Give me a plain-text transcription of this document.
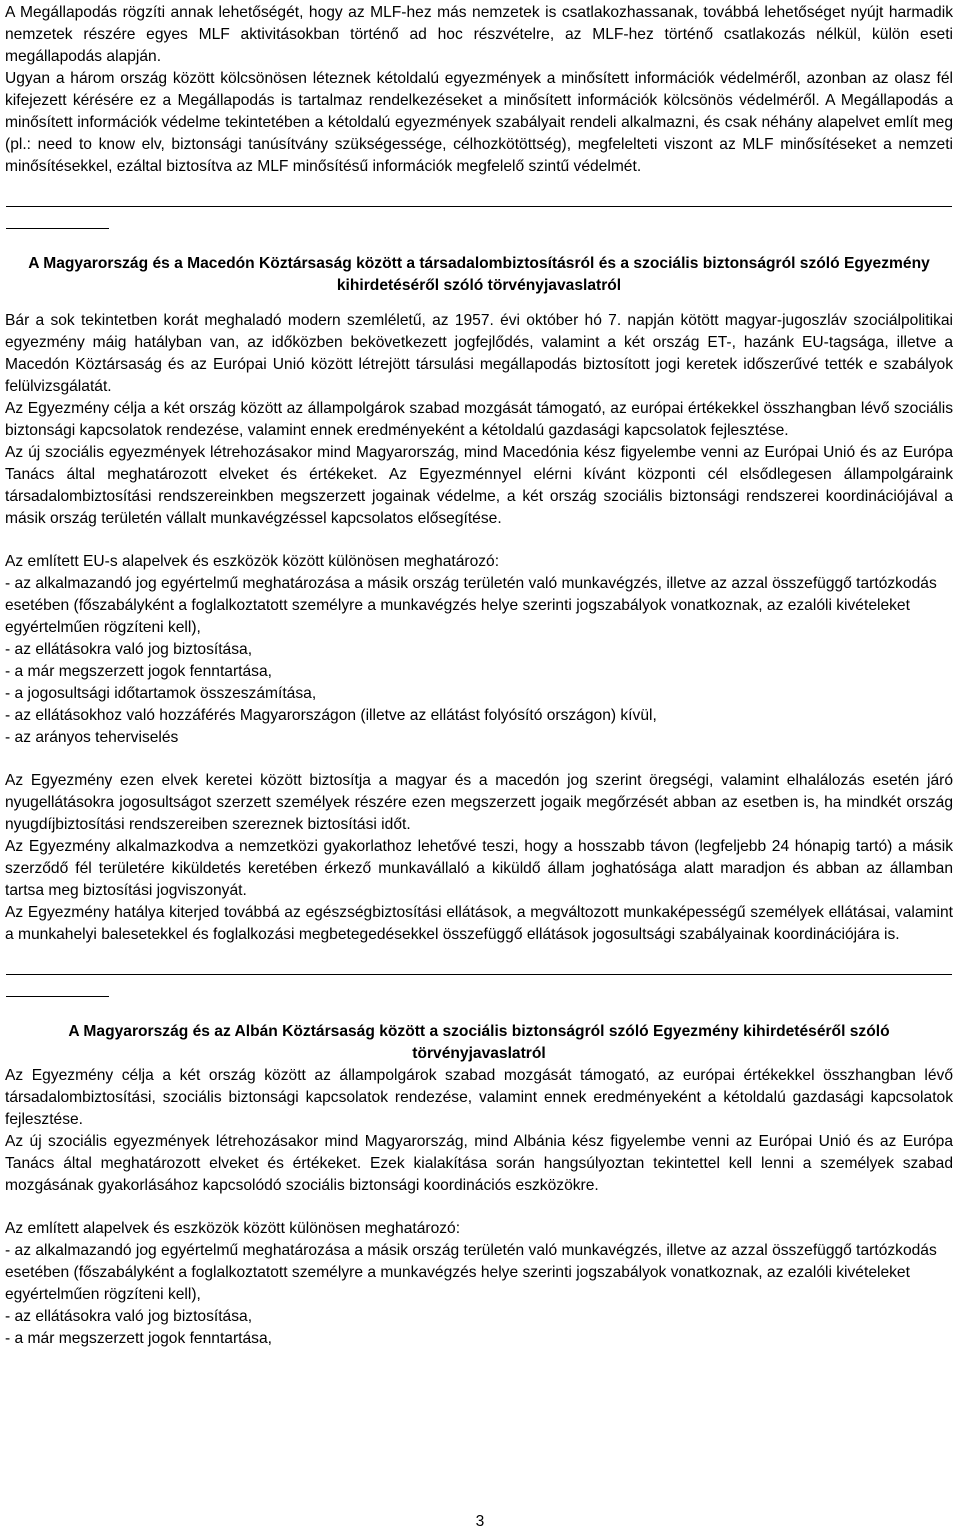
A Megállapodás rögzíti annak lehetőségét, hogy az MLF-hez más nemzetek is csatlakozhassanak, továbbá lehetőséget nyújt harmadik nemzetek részére egyes MLF aktivitásokban történő ad hoc részvételre, az MLF-hez történő csatlakozás nélkül, külön eseti megállapodás alapján.

Ugyan a három ország között kölcsönösen léteznek kétoldalú egyezmények a minősített információk védelméről, azonban az olasz fél kifejezett kérésére ez a Megállapodás is tartalmaz rendelkezéseket a minősített információk kölcsönös védelméről. A Megállapodás a minősített információk védelme tekintetében a kétoldalú egyezmények szabályait rendeli alkalmazni, és csak néhány alapelvet említ meg (pl.: need to know elv, biztonsági tanúsítvány szükségessége, célhozkötöttség), megfelelteti viszont az MLF minősítéseket a nemzeti minősítésekkel, ezáltal biztosítva az MLF minősítésű információk megfelelő szintű védelmét.

A Magyarország és a Macedón Köztársaság között a társadalombiztosításról és a szociális biztonságról szóló Egyezmény kihirdetéséről szóló törvényjavaslatról

Bár a sok tekintetben korát meghaladó modern szemléletű, az 1957. évi október hó 7. napján kötött magyar-jugoszláv szociálpolitikai egyezmény máig hatályban van, az időközben bekövetkezett jogfejlődés, valamint a két ország ET-, hazánk EU-tagsága, illetve a Macedón Köztársaság és az Európai Unió között létrejött társulási megállapodás biztosított jogi keretek időszerűvé tették e szabályok felülvizsgálatát.

Az Egyezmény célja a két ország között az állampolgárok szabad mozgását támogató, az európai értékekkel összhangban lévő szociális biztonsági kapcsolatok rendezése, valamint ennek eredményeként a kétoldalú gazdasági kapcsolatok fejlesztése.

Az új szociális egyezmények létrehozásakor mind Magyarország, mind Macedónia kész figyelembe venni az Európai Unió és az Európa Tanács által meghatározott elveket és értékeket. Az Egyezménnyel elérni kívánt központi cél elsődlegesen állampolgáraink társadalombiztosítási rendszereinkben megszerzett jogainak védelme, a két ország szociális biztonsági rendszerei koordinációjával a másik ország területén vállalt munkavégzéssel kapcsolatos elősegítése.

Az említett EU-s alapelvek és eszközök között különösen meghatározó:

- az alkalmazandó jog egyértelmű meghatározása a másik ország területén való munkavégzés, illetve az azzal összefüggő tartózkodás esetében (főszabályként a foglalkoztatott személyre a munkavégzés helye szerinti jogszabályok vonatkoznak, az ezalóli kivételeket egyértelműen rögzíteni kell),
- az ellátásokra való jog biztosítása,
- a már megszerzett jogok fenntartása,
- a jogosultsági időtartamok összeszámítása,
- az ellátásokhoz való hozzáférés Magyarországon (illetve az ellátást folyósító országon) kívül,
- az arányos teherviselés

Az Egyezmény ezen elvek keretei között biztosítja a magyar és a macedón jog szerint öregségi, valamint elhalálozás esetén járó nyugellátásokra jogosultságot szerzett személyek részére ezen megszerzett jogaik megőrzését abban az esetben is, ha mindkét ország nyugdíjbiztosítási rendszereiben szereznek biztosítási időt.

Az Egyezmény alkalmazkodva a nemzetközi gyakorlathoz lehetővé teszi, hogy a hosszabb távon (legfeljebb 24 hónapig tartó) a másik szerződő fél területére kiküldetés keretében érkező munkavállaló a kiküldő állam joghatósága alatt maradjon és abban az államban tartsa meg biztosítási jogviszonyát.

Az Egyezmény hatálya kiterjed továbbá az egészségbiztosítási ellátások, a megváltozott munkaképességű személyek ellátásai, valamint a munkahelyi balesetekkel és foglalkozási megbetegedésekkel összefüggő ellátások jogosultsági szabályainak koordinációjára is.

A Magyarország és az Albán Köztársaság között a szociális biztonságról szóló Egyezmény kihirdetéséről szóló törvényjavaslatról

Az Egyezmény célja a két ország között az állampolgárok szabad mozgását támogató, az európai értékekkel összhangban lévő társadalombiztosítási, szociális biztonsági kapcsolatok rendezése, valamint ennek eredményeként a kétoldalú gazdasági kapcsolatok fejlesztése.

Az új szociális egyezmények létrehozásakor mind Magyarország, mind Albánia kész figyelembe venni az Európai Unió és az Európa Tanács által meghatározott elveket és értékeket. Ezek kialakítása során hangsúlyoztan tekintettel kell lenni a személyek szabad mozgásának gyakorlásához kapcsolódó szociális biztonsági koordinációs eszközökre.

Az említett alapelvek és eszközök között különösen meghatározó:

- az alkalmazandó jog egyértelmű meghatározása a másik ország területén való munkavégzés, illetve az azzal összefüggő tartózkodás esetében (főszabályként a foglalkoztatott személyre a munkavégzés helye szerinti jogszabályok vonatkoznak, az ezalóli kivételeket egyértelműen rögzíteni kell),
- az ellátásokra való jog biztosítása,
- a már megszerzett jogok fenntartása,
3
